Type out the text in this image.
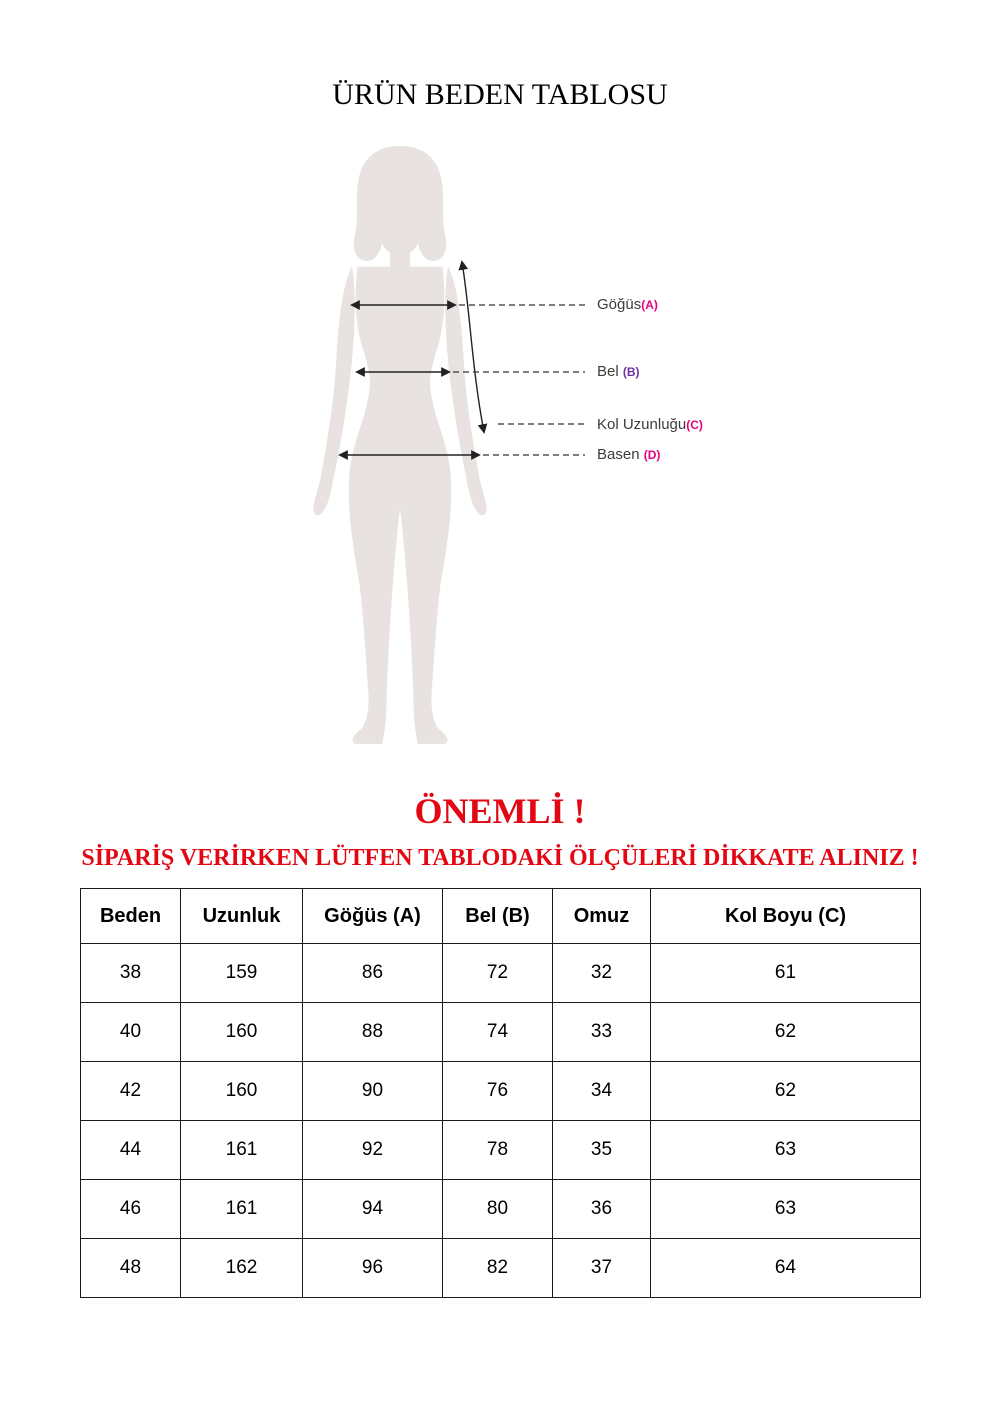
ÜRÜN BEDEN TABLOSU
Göğüs(A)
Bel (B)
Kol Uzunluğu(C)
Basen (D)
ÖNEMLİ !
SİPARİŞ VERİRKEN LÜTFEN TABLODAKİ ÖLÇÜLERİ DİKKATE ALINIZ !
Beden	Uzunluk	Göğüs (A)	Bel (B)	Omuz	Kol Boyu (C)
38	159	86	72	32	61
40	160	88	74	33	62
42	160	90	76	34	62
44	161	92	78	35	63
46	161	94	80	36	63
48	162	96	82	37	64
